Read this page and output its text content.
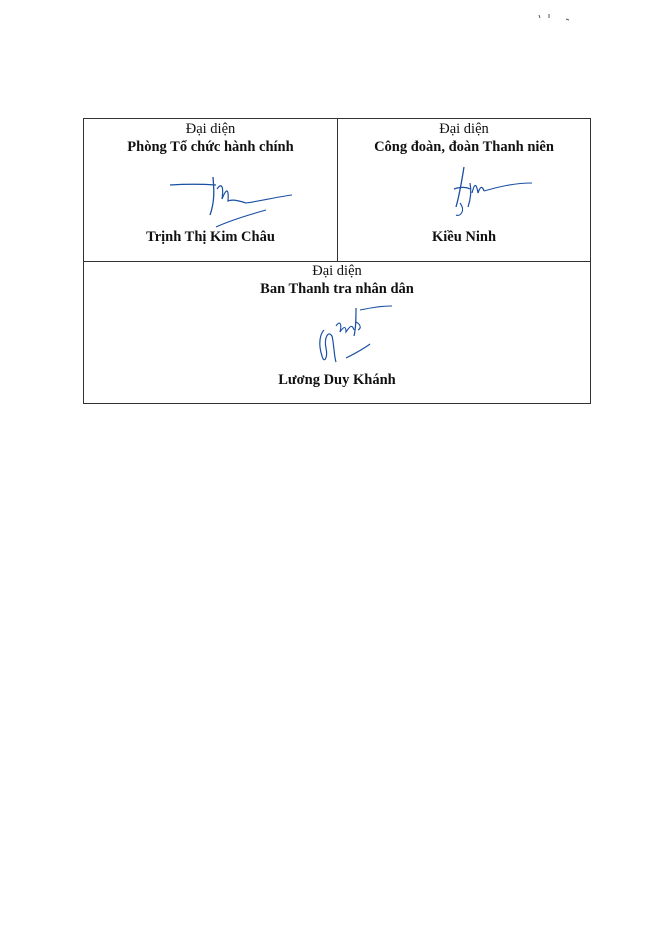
Đại diện
Phòng Tổ chức hành chính
Trịnh Thị Kim Châu
Đại diện
Công đoàn, đoàn Thanh niên
Kiều Ninh
Đại diện
Ban Thanh tra nhân dân
Lương Duy Khánh
